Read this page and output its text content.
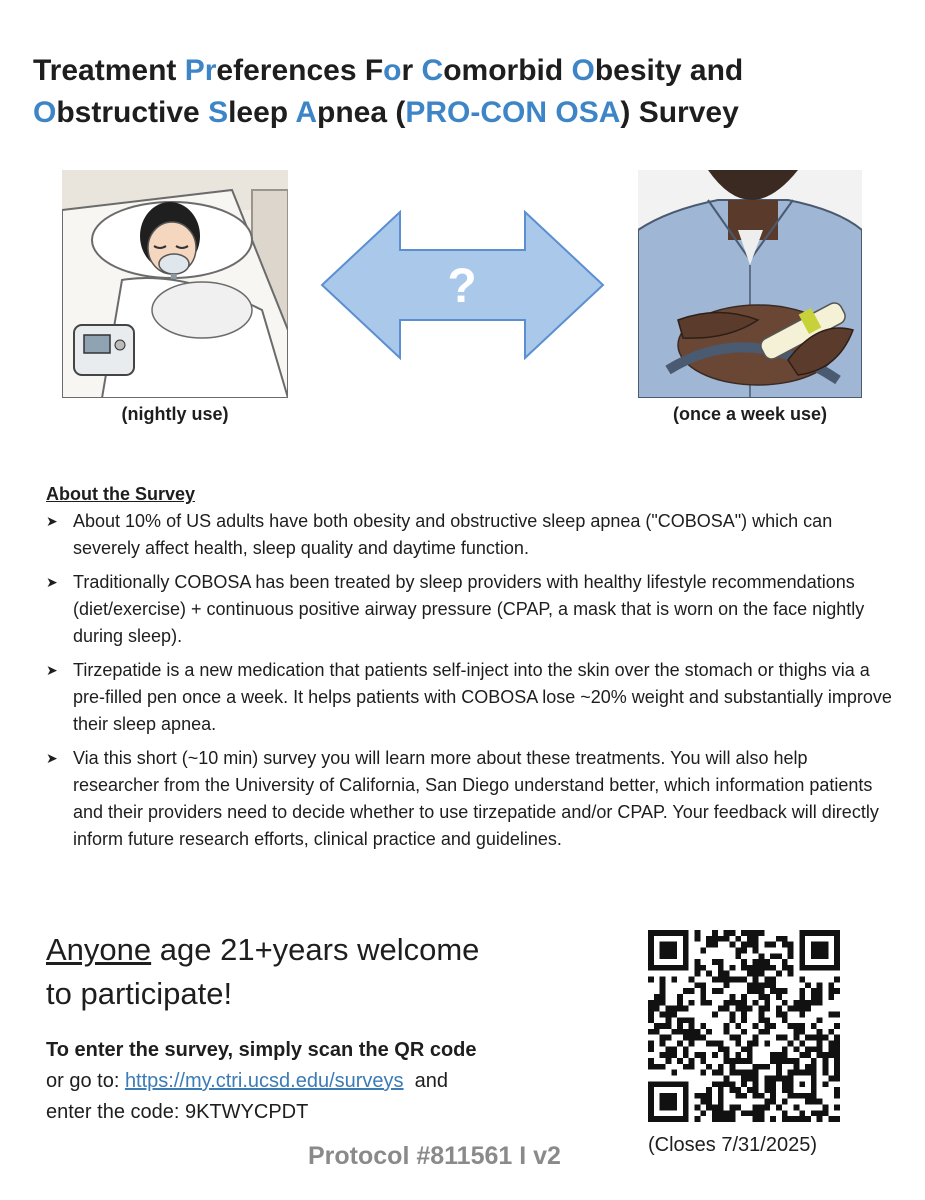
Treatment Preferences For Comorbid Obesity and
Obstructive Sleep Apnea (PRO-CON OSA) Survey
?
(nightly use)	(once a week use)
About the Survey
➤ About 10% of US adults have both obesity and obstructive sleep apnea ("COBOSA") which can severely affect health, sleep quality and daytime function.
➤ Traditionally COBOSA has been treated by sleep providers with healthy lifestyle recommendations (diet/exercise) + continuous positive airway pressure (CPAP, a mask that is worn on the face nightly during sleep).
➤ Tirzepatide is a new medication that patients self-inject into the skin over the stomach or thighs via a pre-filled pen once a week. It helps patients with COBOSA lose ~20% weight and substantially improve their sleep apnea.
➤ Via this short (~10 min) survey you will learn more about these treatments. You will also help researcher from the University of California, San Diego understand better, which information patients and their providers need to decide whether to use tirzepatide and/or CPAP. Your feedback will directly inform future research efforts, clinical practice and guidelines.
Anyone age 21+years welcome
to participate!
To enter the survey, simply scan the QR code
or go to: https://my.ctri.ucsd.edu/surveys  and
enter the code: 9KTWYCPDT
Protocol #811561 I v2	(Closes 7/31/2025)
